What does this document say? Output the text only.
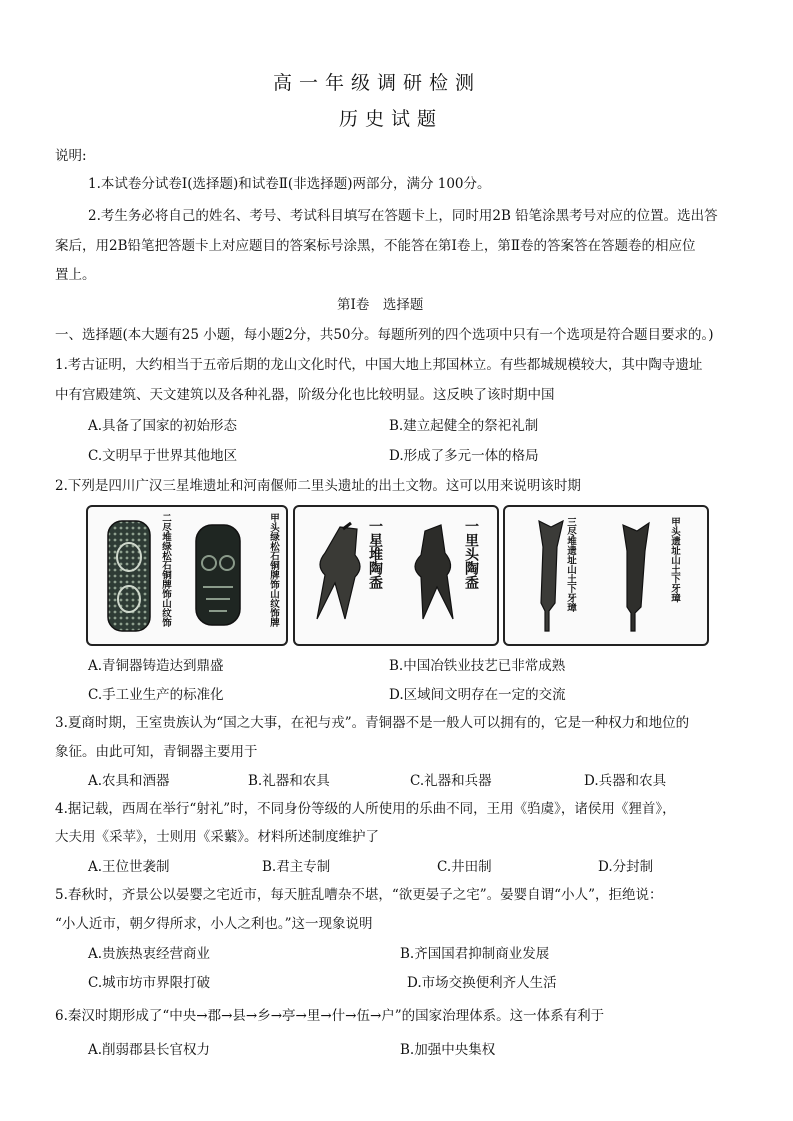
高一年级调研检测
历史试题
说明:
1.本试卷分试卷Ⅰ(选择题)和试卷Ⅱ(非选择题)两部分，满分 100分。
2.考生务必将自己的姓名、考号、考试科目填写在答题卡上，同时用2B 铅笔涂黑考号对应的位置。选出答
案后，用2B铅笔把答题卡上对应题目的答案标号涂黑，不能答在第Ⅰ卷上，第Ⅱ卷的答案答在答题卷的相应位
置上。
第Ⅰ卷　选择题
一、选择题(本大题有25 小题，每小题2分，共50分。每题所列的四个选项中只有一个选项是符合题目要求的。)
1.考古证明，大约相当于五帝后期的龙山文化时代，中国大地上邦国林立。有些都城规模较大，其中陶寺遗址
中有宫殿建筑、天文建筑以及各种礼器，阶级分化也比较明显。这反映了该时期中国
A.具备了国家的初始形态	B.建立起健全的祭祀礼制
C.文明早于世界其他地区	D.形成了多元一体的格局
2.下列是四川广汉三星堆遗址和河南偃师二里头遗址的出土文物。这可以用来说明该时期
二尽堆绿松石铜牌饰山纹饰	甲头绿松石铜牌饰山纹饰牌	一星堆陶盉	一里头陶盉	三尽堆遗址山土下牙璋	甲头遗址山土下牙璋
A.青铜器铸造达到鼎盛	B.中国冶铁业技艺已非常成熟
C.手工业生产的标准化	D.区域间文明存在一定的交流
3.夏商时期，王室贵族认为“国之大事，在祀与戎”。青铜器不是一般人可以拥有的，它是一种权力和地位的
象征。由此可知，青铜器主要用于
A.农具和酒器	B.礼器和农具	C.礼器和兵器	D.兵器和农具
4.据记载，西周在举行“射礼”时，不同身份等级的人所使用的乐曲不同，王用《驺虞》，诸侯用《狸首》，
大夫用《采苹》，士则用《采蘩》。材料所述制度维护了
A.王位世袭制	B.君主专制	C.井田制	D.分封制
5.春秋时，齐景公以晏婴之宅近市，每天脏乱嘈杂不堪，“欲更晏子之宅”。晏婴自谓“小人”，拒绝说：
“小人近市，朝夕得所求，小人之利也。”这一现象说明
A.贵族热衷经营商业	B.齐国国君抑制商业发展
C.城市坊市界限打破	D.市场交换便利齐人生活
6.秦汉时期形成了“中央→郡→县→乡→亭→里→什→伍→户”的国家治理体系。这一体系有利于
A.削弱郡县长官权力	B.加强中央集权
